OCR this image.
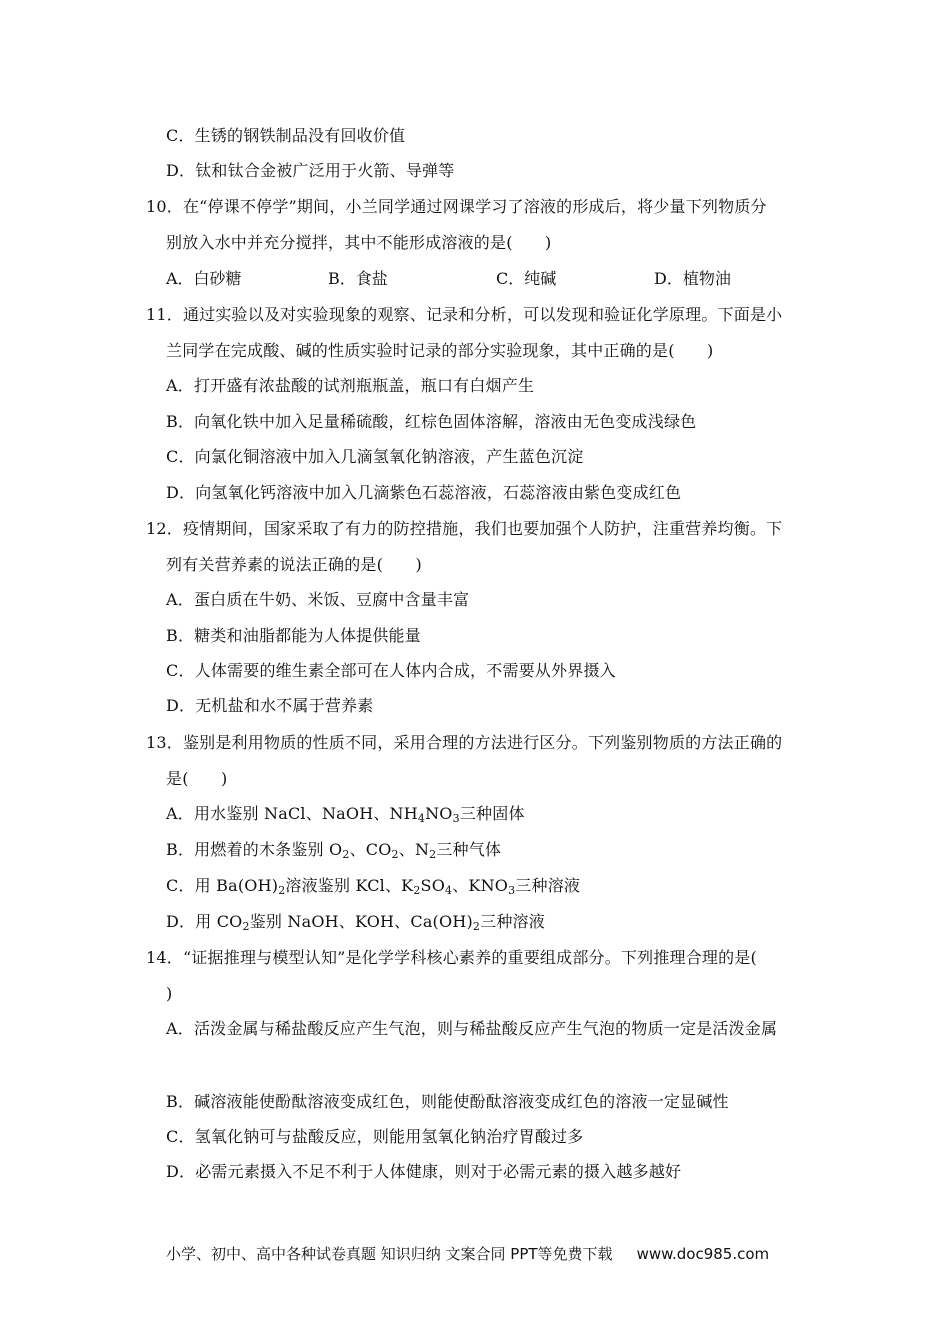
C．生锈的钢铁制品没有回收价值
D．钛和钛合金被广泛用于火箭、导弹等
10．在“停课不停学”期间，小兰同学通过网课学习了溶液的形成后，将少量下列物质分
别放入水中并充分搅拌，其中不能形成溶液的是(　　)
A．白砂糖	B．食盐	C．纯碱	D．植物油
11．通过实验以及对实验现象的观察、记录和分析，可以发现和验证化学原理。下面是小
兰同学在完成酸、碱的性质实验时记录的部分实验现象，其中正确的是(　　)
A．打开盛有浓盐酸的试剂瓶瓶盖，瓶口有白烟产生
B．向氧化铁中加入足量稀硫酸，红棕色固体溶解，溶液由无色变成浅绿色
C．向氯化铜溶液中加入几滴氢氧化钠溶液，产生蓝色沉淀
D．向氢氧化钙溶液中加入几滴紫色石蕊溶液，石蕊溶液由紫色变成红色
12．疫情期间，国家采取了有力的防控措施，我们也要加强个人防护，注重营养均衡。下
列有关营养素的说法正确的是(　　)
A．蛋白质在牛奶、米饭、豆腐中含量丰富
B．糖类和油脂都能为人体提供能量
C．人体需要的维生素全部可在人体内合成，不需要从外界摄入
D．无机盐和水不属于营养素
13．鉴别是利用物质的性质不同，采用合理的方法进行区分。下列鉴别物质的方法正确的
是(　　)
A．用水鉴别 NaCl、NaOH、$NH_4NO_3$三种固体
B．用燃着的木条鉴别 $O_2$、$CO_2$、$N_2$三种气体
C．用 $Ba(OH)_2$溶液鉴别 KCl、$K_2SO_4$、$KNO_3$三种溶液
D．用 $CO_2$鉴别 NaOH、KOH、$Ca(OH)_2$三种溶液
14．“证据推理与模型认知”是化学学科核心素养的重要组成部分。下列推理合理的是(
)
A．活泼金属与稀盐酸反应产生气泡，则与稀盐酸反应产生气泡的物质一定是活泼金属
B．碱溶液能使酚酞溶液变成红色，则能使酚酞溶液变成红色的溶液一定显碱性
C．氢氧化钠可与盐酸反应，则能用氢氧化钠治疗胃酸过多
D．必需元素摄入不足不利于人体健康，则对于必需元素的摄入越多越好
小学、初中、高中各种试卷真题 知识归纳 文案合同 PPT等免费下载 www.doc985.com
